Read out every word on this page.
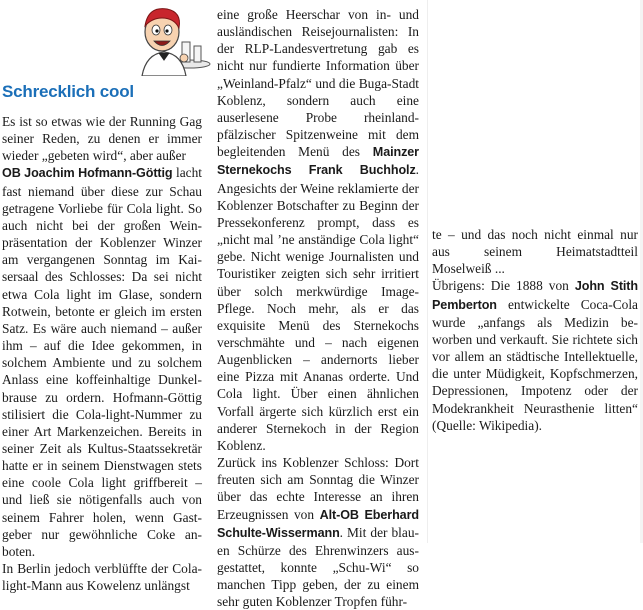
Schrecklich cool

Es ist so etwas wie der Running Gag seiner Reden, zu denen er immer wieder „gebeten wird“, aber außer
OB Joachim Hofmann-Göttig lacht fast niemand über diese zur Schau getragene Vorliebe für Cola light. So auch nicht bei der großen Weinpräsentation der Koblenzer Winzer am vergangenen Sonntag im Kaisersaal des Schlosses: Da sei nicht etwa Cola light im Glase, sondern Rotwein, betonte er gleich im ersten Satz. Es wäre auch niemand – außer ihm – auf die Idee gekommen, in solchem Ambiente und zu solchem Anlass eine koffeinhaltige Dunkelbrause zu ordern. Hofmann-Göttig stilisiert die Cola-light-Nummer zu einer Art Markenzeichen. Bereits in seiner Zeit als Kultus-Staatssekretär hatte er in seinem Dienstwagen stets eine coole Cola light griffbereit – und ließ sie nötigenfalls auch von seinem Fahrer holen, wenn Gastgeber nur gewöhnliche Coke anboten.

In Berlin jedoch verblüffte der Cola-light-Mann aus Kowelenz unlängst

eine große Heerschar von in- und ausländischen Reisejournalisten: In der RLP-Landesvertretung gab es nicht nur fundierte Information über „Weinland-Pfalz“ und die Buga-Stadt Koblenz, sondern auch eine auserlesene Probe rheinland-pfälzischer Spitzenweine mit dem begleitenden Menü des Mainzer Sternekochs Frank Buchholz. Angesichts der Weine reklamierte der Koblenzer Botschafter zu Beginn der Pressekonferenz prompt, dass es „nicht mal ’ne anständige Cola light“ gebe. Nicht wenige Journalisten und Touristiker zeigten sich sehr irritiert über solch merkwürdige Image-Pflege. Noch mehr, als er das exquisite Menü des Sternekochs verschmähte und – nach eigenen Augenblicken – andernorts lieber eine Pizza mit Ananas orderte. Und Cola light. Über einen ähnlichen Vorfall ärgerte sich kürzlich erst ein anderer Sternekoch in der Region Koblenz.

Zurück ins Koblenzer Schloss: Dort freuten sich am Sonntag die Winzer über das echte Interesse an ihren Erzeugnissen von Alt-OB Eberhard Schulte-Wissermann. Mit der blauen Schürze des Ehrenwinzers ausgestattet, konnte „Schu-Wi“ so manchen Tipp geben, der zu einem sehr guten Koblenzer Tropfen führ-

te – und das noch nicht einmal nur aus seinem Heimatstadtteil Moselweiß ...

Übrigens: Die 1888 von John Stith Pemberton entwickelte Coca-Cola wurde „anfangs als Medizin beworben und verkauft. Sie richtete sich vor allem an städtische Intellektuelle, die unter Müdigkeit, Kopfschmerzen, Depressionen, Impotenz oder der Modekrankheit Neurasthenie litten“ (Quelle: Wikipedia).
